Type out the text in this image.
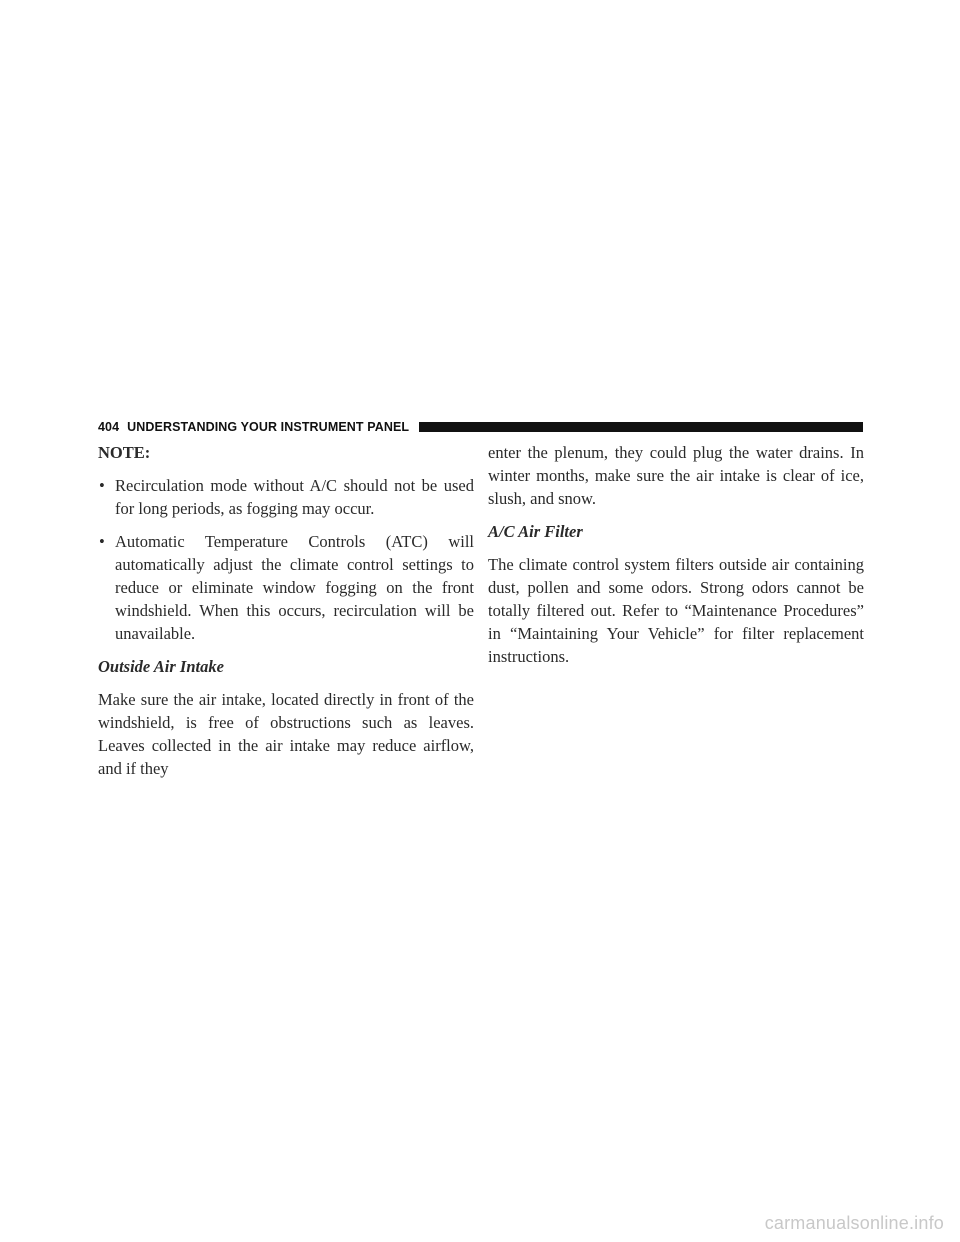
404 UNDERSTANDING YOUR INSTRUMENT PANEL
NOTE:
• Recirculation mode without A/C should not be used for long periods, as fogging may occur.
• Automatic Temperature Controls (ATC) will automatically adjust the climate control settings to reduce or eliminate window fogging on the front windshield. When this occurs, recirculation will be unavailable.
Outside Air Intake

Make sure the air intake, located directly in front of the windshield, is free of obstructions such as leaves. Leaves collected in the air intake may reduce airflow, and if they

enter the plenum, they could plug the water drains. In winter months, make sure the air intake is clear of ice, slush, and snow.

A/C Air Filter

The climate control system filters outside air containing dust, pollen and some odors. Strong odors cannot be totally filtered out. Refer to “Maintenance Procedures” in “Maintaining Your Vehicle” for filter replacement instructions.

carmanualsonline.info
